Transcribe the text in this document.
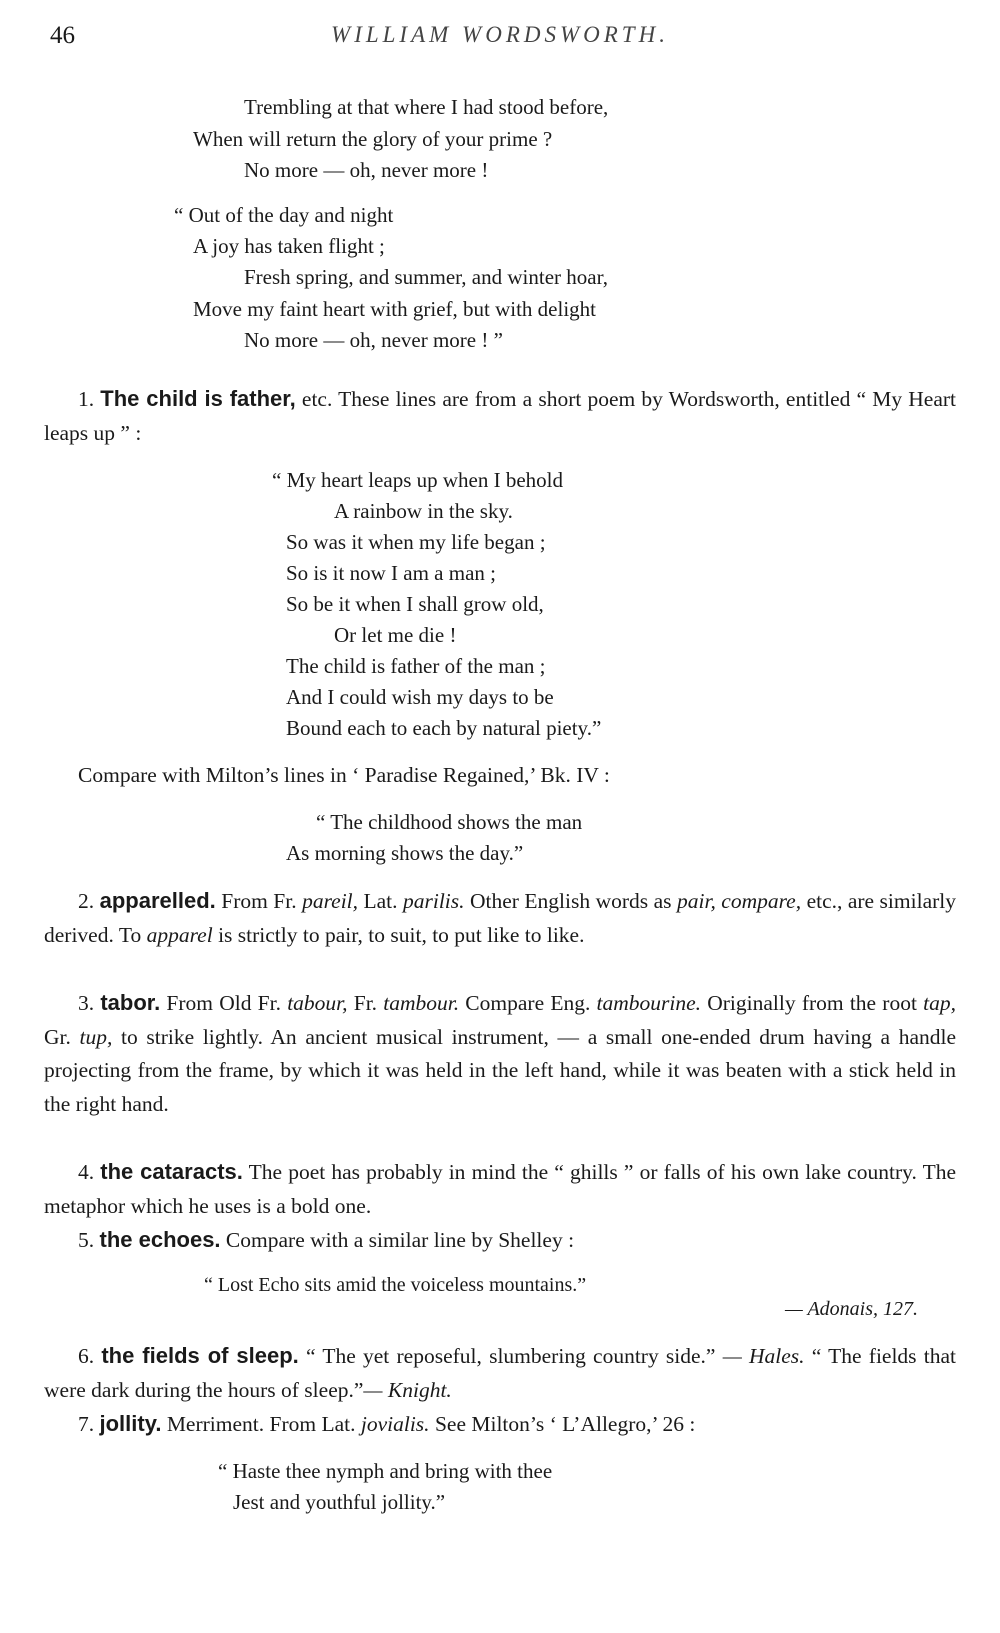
46	WILLIAM WORDSWORTH.
Trembling at that where I had stood before,
When will return the glory of your prime ?
No more — oh, never more !
“ Out of the day and night
A joy has taken flight ;
Fresh spring, and summer, and winter hoar,
Move my faint heart with grief, but with delight
No more — oh, never more ! ”
1. The child is father, etc. These lines are from a short poem by Wordsworth, entitled “ My Heart leaps up ” :
“ My heart leaps up when I behold
A rainbow in the sky.
So was it when my life began ;
So is it now I am a man ;
So be it when I shall grow old,
Or let me die !
The child is father of the man ;
And I could wish my days to be
Bound each to each by natural piety.”
Compare with Milton’s lines in ‘ Paradise Regained,’ Bk. IV :
“ The childhood shows the man
As morning shows the day.”
2. apparelled. From Fr. pareil, Lat. parilis. Other English words as pair, compare, etc., are similarly derived. To apparel is strictly to pair, to suit, to put like to like.
3. tabor. From Old Fr. tabour, Fr. tambour. Compare Eng. tambourine. Originally from the root tap, Gr. tup, to strike lightly. An ancient musical instrument, — a small one-ended drum having a handle projecting from the frame, by which it was held in the left hand, while it was beaten with a stick held in the right hand.
4. the cataracts. The poet has probably in mind the “ ghills ” or falls of his own lake country. The metaphor which he uses is a bold one.
5. the echoes. Compare with a similar line by Shelley :
“ Lost Echo sits amid the voiceless mountains.”
— Adonais, 127.
6. the fields of sleep. “ The yet reposeful, slumbering country side.” — Hales. “ The fields that were dark during the hours of sleep.”— Knight.
7. jollity. Merriment. From Lat. jovialis. See Milton’s ‘ L’Allegro,’ 26 :
“ Haste thee nymph and bring with thee
Jest and youthful jollity.”
